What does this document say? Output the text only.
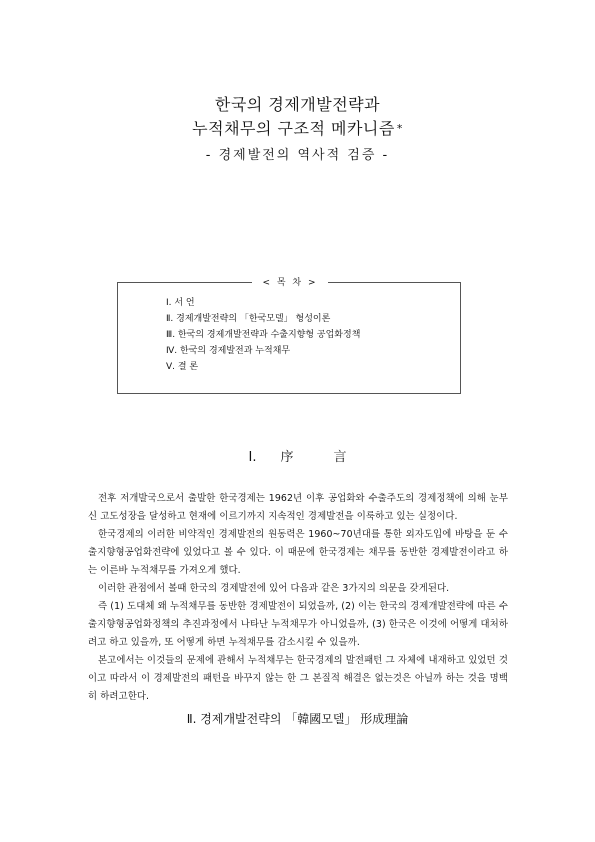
한국의 경제개발전략과
누적채무의 구조적 메카니즘 *
- 경제발전의 역사적 검증 -
< 목 차 >
Ⅰ. 서 언
Ⅱ. 경제개발전략의 「한국모델」 형성이론
Ⅲ. 한국의 경제개발전략과 수출지향형 공업화정책
Ⅳ. 한국의 경제발전과 누적채무
Ⅴ. 결 론
Ⅰ. 序	言

전후 저개발국으로서 출발한 한국경제는 1962년 이후 공업화와 수출주도의 경제정책에 의해 눈부신 고도성장을 달성하고 현재에 이르기까지 지속적인 경제발전을 이룩하고 있는 실정이다.

한국경제의 이러한 비약적인 경제발전의 원동력은 1960~70년대를 통한 외자도입에 바탕을 둔 수출지향형공업화전략에 있었다고 볼 수 있다. 이 때문에 한국경제는 채무를 동반한 경제발전이라고 하는 이른바 누적채무를 가져오게 했다.

이러한 관점에서 볼때 한국의 경제발전에 있어 다음과 같은 3가지의 의문을 갖게된다.

즉 (1) 도대체 왜 누적채무를 동반한 경제발전이 되었을까, (2) 이는 한국의 경제개발전략에 따른 수출지향형공업화정책의 추진과정에서 나타난 누적채무가 아니었을까, (3) 한국은 이것에 어떻게 대처하려고 하고 있을까, 또 어떻게 하면 누적채무를 감소시킬 수 있을까.

본고에서는 이것들의 문제에 관해서 누적채무는 한국경제의 발전패턴 그 자체에 내재하고 있었던 것이고 따라서 이 경제발전의 패턴을 바꾸지 않는 한 그 본질적 해결은 없는것은 아닐까 하는 것을 명백히 하려고한다.

Ⅱ. 경제개발전략의 「韓國모델」 形成理論
